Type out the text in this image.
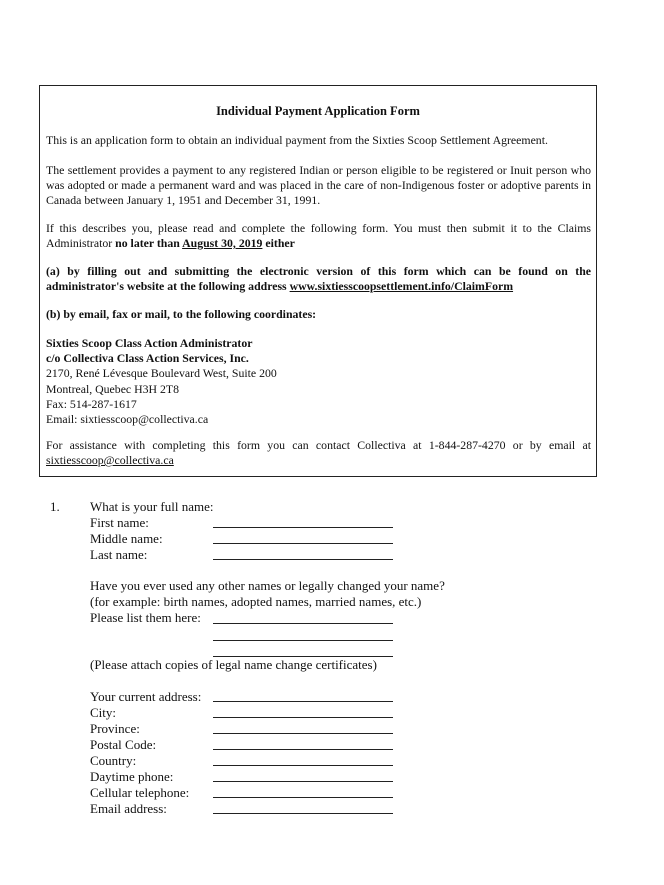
Individual Payment Application Form

This is an application form to obtain an individual payment from the Sixties Scoop Settlement Agreement.

The settlement provides a payment to any registered Indian or person eligible to be registered or Inuit person who was adopted or made a permanent ward and was placed in the care of non-Indigenous foster or adoptive parents in Canada between January 1, 1951 and December 31, 1991.

If this describes you, please read and complete the following form. You must then submit it to the Claims Administrator no later than August 30, 2019 either

(a) by filling out and submitting the electronic version of this form which can be found on the administrator's website at the following address www.sixtiesscoopsettlement.info/ClaimForm

(b) by email, fax or mail, to the following coordinates:

Sixties Scoop Class Action Administrator
c/o Collectiva Class Action Services, Inc.
2170, René Lévesque Boulevard West, Suite 200
Montreal, Quebec H3H 2T8
Fax: 514-287-1617
Email: sixtiesscoop@collectiva.ca

For assistance with completing this form you can contact Collectiva at 1-844-287-4270 or by email at sixtiesscoop@collectiva.ca

1. What is your full name:
First name:
Middle name:
Last name:
Have you ever used any other names or legally changed your name?
(for example: birth names, adopted names, married names, etc.)
Please list them here:
(Please attach copies of legal name change certificates)
Your current address:
City:
Province:
Postal Code:
Country:
Daytime phone:
Cellular telephone:
Email address:
